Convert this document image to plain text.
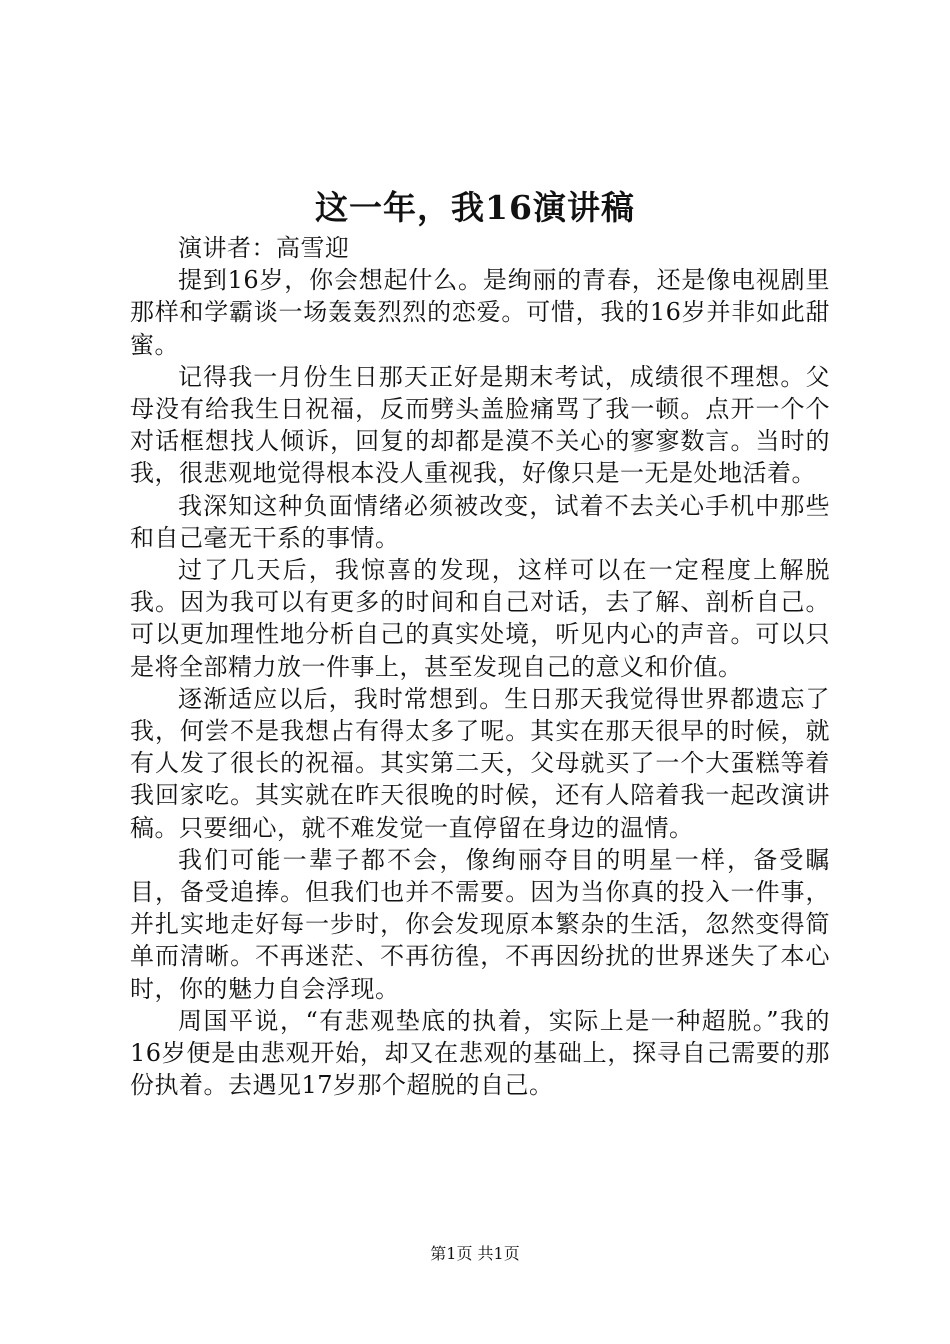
这一年，我16演讲稿

演讲者：高雪迎

提到16岁，你会想起什么。是绚丽的青春，还是像电视剧里那样和学霸谈一场轰轰烈烈的恋爱。可惜，我的16岁并非如此甜蜜。

记得我一月份生日那天正好是期末考试，成绩很不理想。父母没有给我生日祝福，反而劈头盖脸痛骂了我一顿。点开一个个对话框想找人倾诉，回复的却都是漠不关心的寥寥数言。当时的我，很悲观地觉得根本没人重视我，好像只是一无是处地活着。

我深知这种负面情绪必须被改变，试着不去关心手机中那些和自己毫无干系的事情。

过了几天后，我惊喜的发现，这样可以在一定程度上解脱我。因为我可以有更多的时间和自己对话，去了解、剖析自己。可以更加理性地分析自己的真实处境，听见内心的声音。可以只是将全部精力放一件事上，甚至发现自己的意义和价值。

逐渐适应以后，我时常想到。生日那天我觉得世界都遗忘了我，何尝不是我想占有得太多了呢。其实在那天很早的时候，就有人发了很长的祝福。其实第二天，父母就买了一个大蛋糕等着我回家吃。其实就在昨天很晚的时候，还有人陪着我一起改演讲稿。只要细心，就不难发觉一直停留在身边的温情。

我们可能一辈子都不会，像绚丽夺目的明星一样，备受瞩目，备受追捧。但我们也并不需要。因为当你真的投入一件事，并扎实地走好每一步时，你会发现原本繁杂的生活，忽然变得简单而清晰。不再迷茫、不再彷徨，不再因纷扰的世界迷失了本心时，你的魅力自会浮现。

周国平说，“有悲观垫底的执着，实际上是一种超脱。”我的16岁便是由悲观开始，却又在悲观的基础上，探寻自己需要的那份执着。去遇见17岁那个超脱的自己。

第1页 共1页
